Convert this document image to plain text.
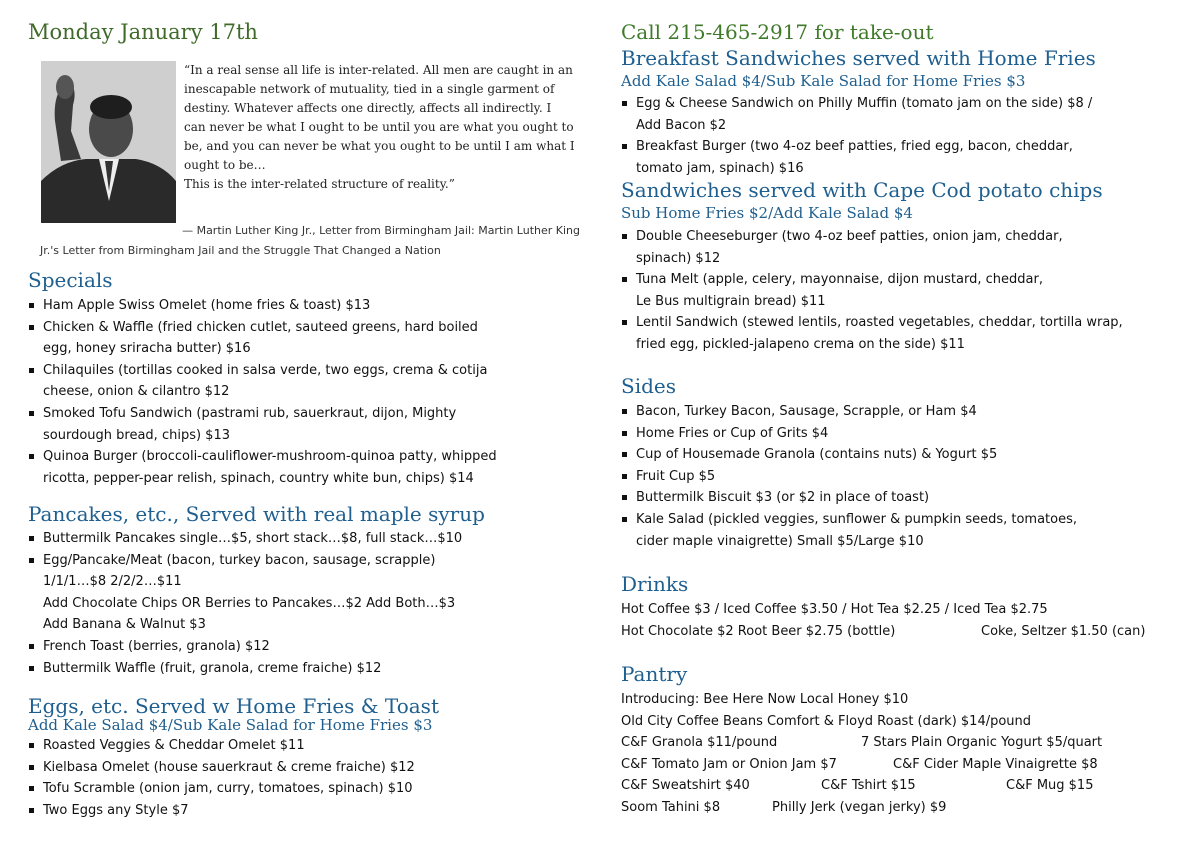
Monday January 17th
“In a real sense all life is inter-related. All men are caught in an
inescapable network of mutuality, tied in a single garment of
destiny. Whatever affects one directly, affects all indirectly. I
can never be what I ought to be until you are what you ought to
be, and you can never be what you ought to be until I am what I
ought to be…
This is the inter-related structure of reality.”
— Martin Luther King Jr., Letter from Birmingham Jail: Martin Luther King
Jr.'s Letter from Birmingham Jail and the Struggle That Changed a Nation
Specials
Ham Apple Swiss Omelet (home fries & toast) $13
Chicken & Waffle (fried chicken cutlet, sauteed greens, hard boiled
egg, honey sriracha butter) $16
Chilaquiles (tortillas cooked in salsa verde, two eggs, crema & cotija
cheese, onion & cilantro $12
Smoked Tofu Sandwich (pastrami rub, sauerkraut, dijon, Mighty
sourdough bread, chips) $13
Quinoa Burger (broccoli-cauliflower-mushroom-quinoa patty, whipped
ricotta, pepper-pear relish, spinach, country white bun, chips) $14
Pancakes, etc., Served with real maple syrup
Buttermilk Pancakes single…$5, short stack…$8, full stack…$10
Egg/Pancake/Meat (bacon, turkey bacon, sausage, scrapple)
1/1/1…$8 2/2/2…$11
Add Chocolate Chips OR Berries to Pancakes…$2 Add Both…$3
Add Banana & Walnut $3
French Toast (berries, granola) $12
Buttermilk Waffle (fruit, granola, creme fraiche) $12
Eggs, etc. Served w Home Fries & Toast
Add Kale Salad $4/Sub Kale Salad for Home Fries $3
Roasted Veggies & Cheddar Omelet $11
Kielbasa Omelet (house sauerkraut & creme fraiche) $12
Tofu Scramble (onion jam, curry, tomatoes, spinach) $10
Two Eggs any Style $7
Call 215-465-2917 for take-out
Breakfast Sandwiches served with Home Fries
Add Kale Salad $4/Sub Kale Salad for Home Fries $3
Egg & Cheese Sandwich on Philly Muffin (tomato jam on the side) $8 /
Add Bacon $2
Breakfast Burger (two 4-oz beef patties, fried egg, bacon, cheddar,
tomato jam, spinach) $16
Sandwiches served with Cape Cod potato chips
Sub Home Fries $2/Add Kale Salad $4
Double Cheeseburger (two 4-oz beef patties, onion jam, cheddar,
spinach) $12
Tuna Melt (apple, celery, mayonnaise, dijon mustard, cheddar,
Le Bus multigrain bread) $11
Lentil Sandwich (stewed lentils, roasted vegetables, cheddar, tortilla wrap,
fried egg, pickled-jalapeno crema on the side) $11
Sides
Bacon, Turkey Bacon, Sausage, Scrapple, or Ham $4
Home Fries or Cup of Grits $4
Cup of Housemade Granola (contains nuts) & Yogurt $5
Fruit Cup $5
Buttermilk Biscuit $3 (or $2 in place of toast)
Kale Salad (pickled veggies, sunflower & pumpkin seeds, tomatoes,
cider maple vinaigrette) Small $5/Large $10
Drinks
Hot Coffee $3 / Iced Coffee $3.50 / Hot Tea $2.25 / Iced Tea $2.75
Hot Chocolate $2 Root Beer $2.75 (bottle)	Coke, Seltzer $1.50 (can)
Pantry
Introducing: Bee Here Now Local Honey $10
Old City Coffee Beans Comfort & Floyd Roast (dark) $14/pound
C&F Granola $11/pound	7 Stars Plain Organic Yogurt $5/quart
C&F Tomato Jam or Onion Jam $7	C&F Cider Maple Vinaigrette $8
C&F Sweatshirt $40	C&F Tshirt $15	C&F Mug $15
Soom Tahini $8	Philly Jerk (vegan jerky) $9
